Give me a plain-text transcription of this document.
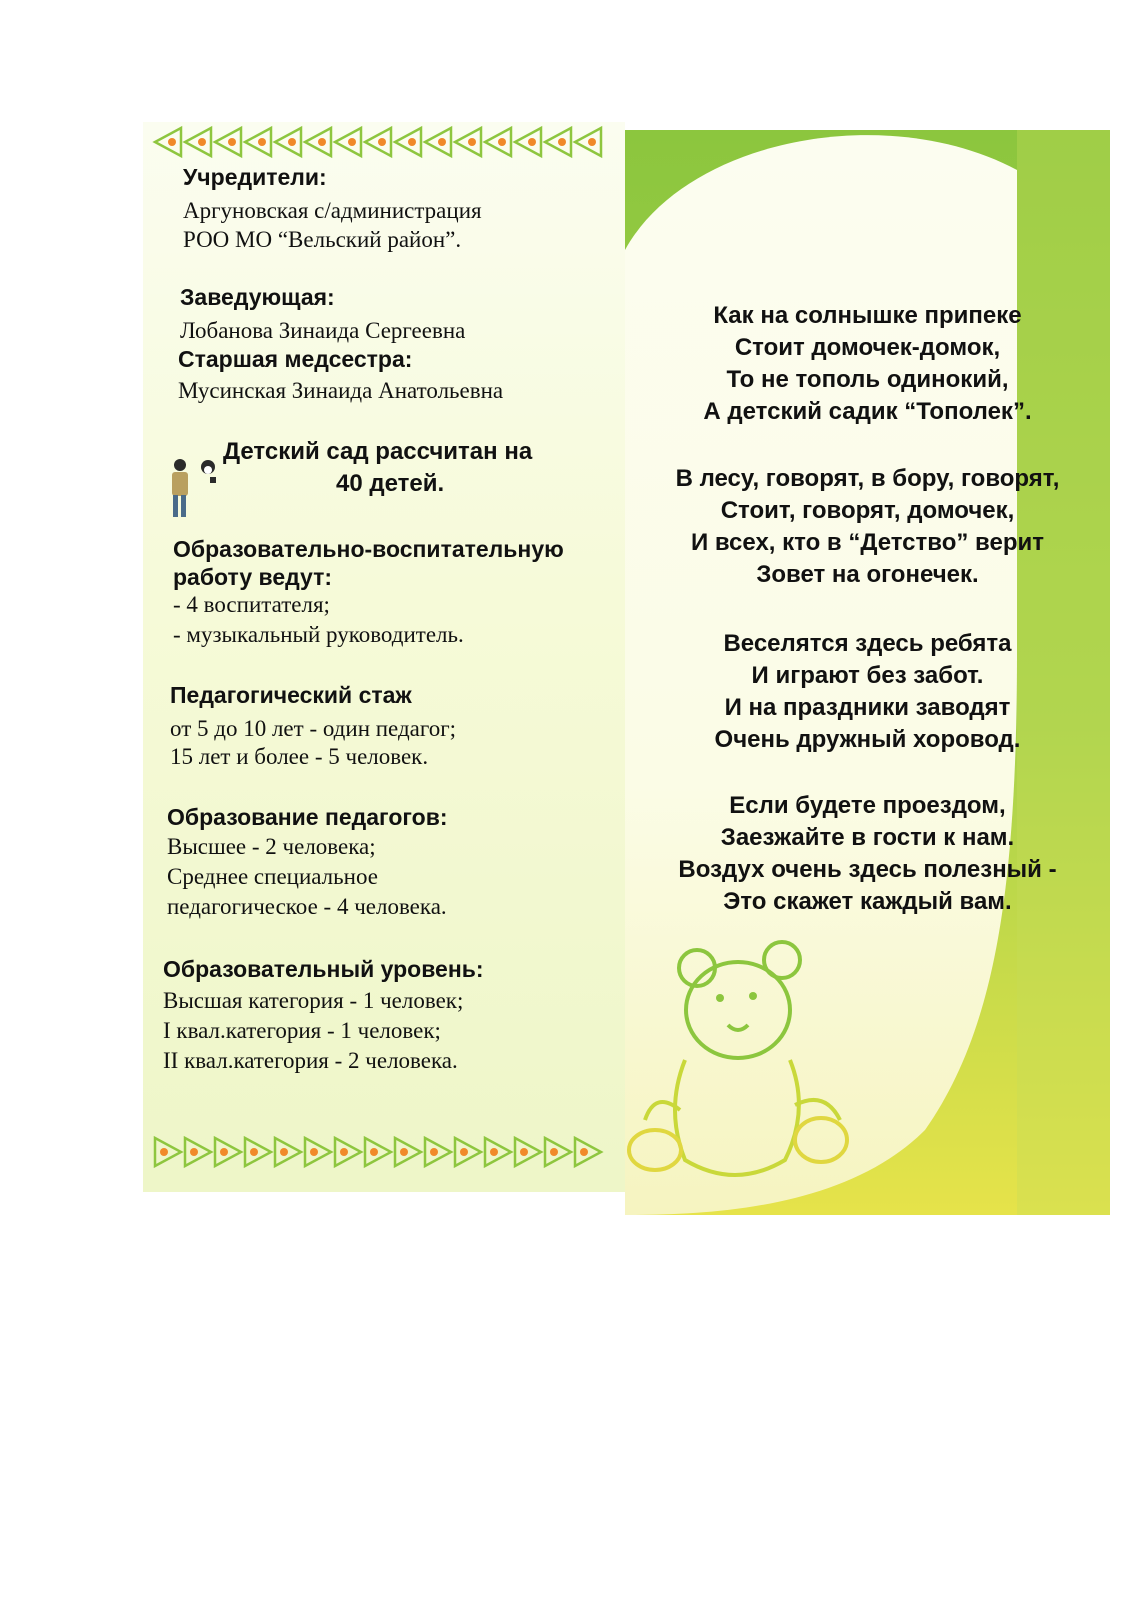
Учредители:
Аргуновская с/администрация
РОО МО “Вельский район”.
Заведующая:
Лобанова Зинаида Сергеевна
Старшая медсестра:
Мусинская Зинаида Анатольевна
Детский сад рассчитан на
40 детей.
Образовательно-воспитательную
работу ведут:
- 4 воспитателя;
- музыкальный руководитель.
Педагогический стаж
от 5 до 10 лет - один педагог;
15 лет и более - 5 человек.
Образование педагогов:
Высшее - 2 человека;
Среднее специальное
педагогическое - 4 человека.
Образовательный уровень:
Высшая категория - 1 человек;
I квал.категория - 1 человек;
II квал.категория - 2 человека.
Как на солнышке припеке
Стоит домочек-домок,
То не тополь одинокий,
А детский садик “Тополек”.
В лесу, говорят, в бору, говорят,
Стоит, говорят, домочек,
И всех, кто в “Детство” верит
Зовет на огонечек.
Веселятся здесь ребята
И играют без забот.
И на праздники заводят
Очень дружный хоровод.
Если будете проездом,
Заезжайте в гости к нам.
Воздух очень здесь полезный -
Это скажет каждый вам.
